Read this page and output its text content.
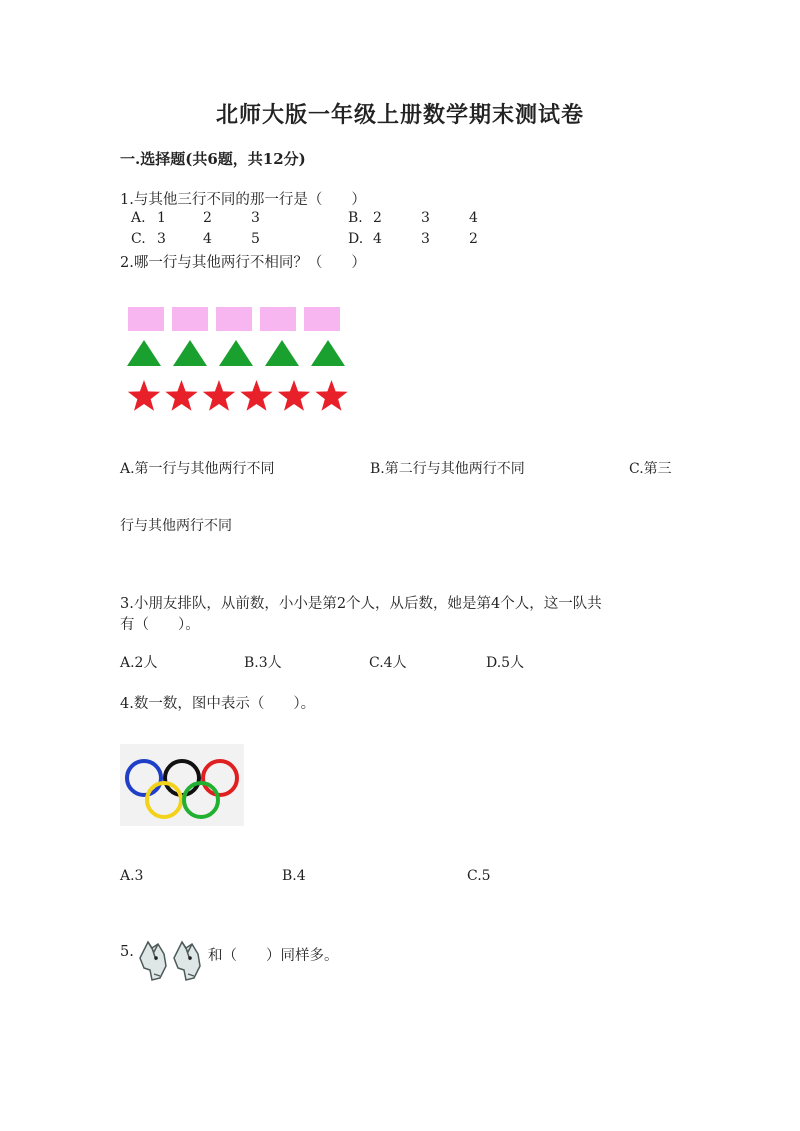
北师大版一年级上册数学期末测试卷
一.选择题(共6题，共12分)
1.与其他三行不同的那一行是（　　）
A. 1	2	3	B. 2	3	4
C. 3	4	5	D. 4	3	2
2.哪一行与其他两行不相同？（　　）
A.第一行与其他两行不同	B.第二行与其他两行不同	C.第三
行与其他两行不同
3.小朋友排队，从前数，小小是第2个人，从后数，她是第4个人，这一队共
有（　　）。
A.2人	B.3人	C.4人	D.5人
4.数一数，图中表示（　　）。
A.3	B.4	C.5
5.	和（　　）同样多。
